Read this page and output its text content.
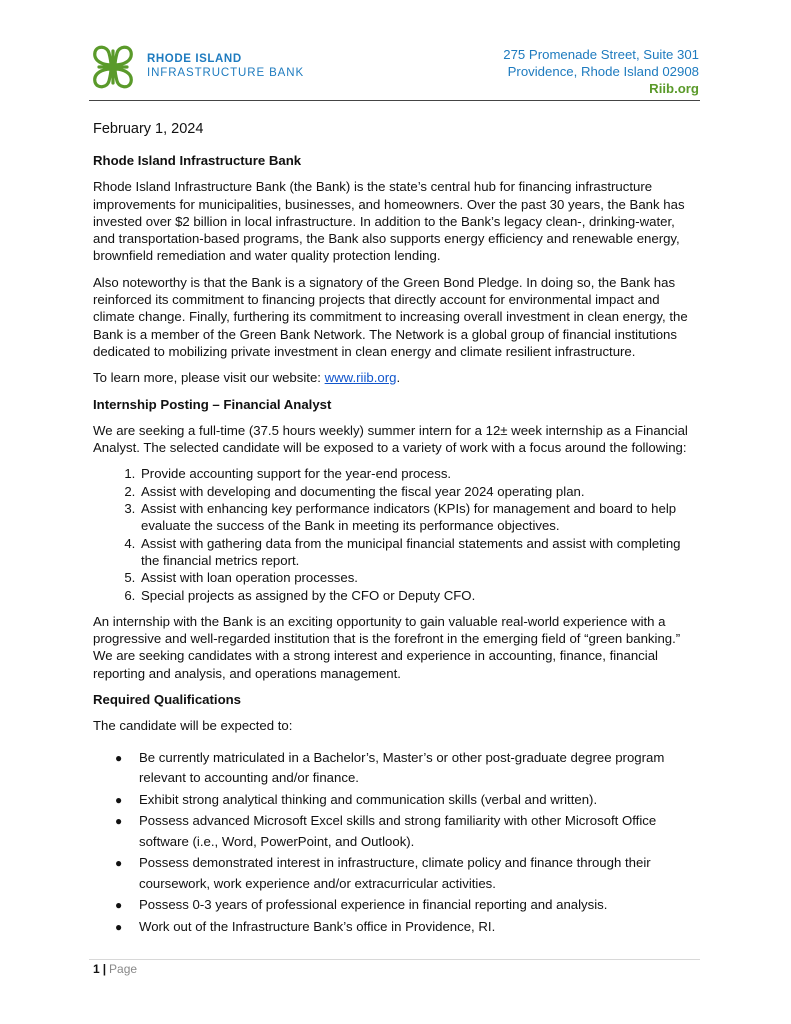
RHODE ISLAND
INFRASTRUCTURE BANK
275 Promenade Street, Suite 301
Providence, Rhode Island 02908
Riib.org
February 1, 2024
Rhode Island Infrastructure Bank

Rhode Island Infrastructure Bank (the Bank) is the state’s central hub for financing infrastructure improvements for municipalities, businesses, and homeowners. Over the past 30 years, the Bank has invested over $2 billion in local infrastructure. In addition to the Bank’s legacy clean-, drinking-water, and transportation-based programs, the Bank also supports energy efficiency and renewable energy, brownfield remediation and water quality protection lending.

Also noteworthy is that the Bank is a signatory of the Green Bond Pledge. In doing so, the Bank has reinforced its commitment to financing projects that directly account for environmental impact and climate change. Finally, furthering its commitment to increasing overall investment in clean energy, the Bank is a member of the Green Bank Network. The Network is a global group of financial institutions dedicated to mobilizing private investment in clean energy and climate resilient infrastructure.

To learn more, please visit our website: www.riib.org.

Internship Posting – Financial Analyst

We are seeking a full-time (37.5 hours weekly) summer intern for a 12± week internship as a Financial Analyst. The selected candidate will be exposed to a variety of work with a focus around the following:

1. Provide accounting support for the year-end process.
2. Assist with developing and documenting the fiscal year 2024 operating plan.
3. Assist with enhancing key performance indicators (KPIs) for management and board to help evaluate the success of the Bank in meeting its performance objectives.
4. Assist with gathering data from the municipal financial statements and assist with completing the financial metrics report.
5. Assist with loan operation processes.
6. Special projects as assigned by the CFO or Deputy CFO.

An internship with the Bank is an exciting opportunity to gain valuable real-world experience with a progressive and well-regarded institution that is the forefront in the emerging field of “green banking.” We are seeking candidates with a strong interest and experience in accounting, finance, financial reporting and analysis, and operations management.

Required Qualifications

The candidate will be expected to:

● Be currently matriculated in a Bachelor’s, Master’s or other post-graduate degree program relevant to accounting and/or finance.
● Exhibit strong analytical thinking and communication skills (verbal and written).
● Possess advanced Microsoft Excel skills and strong familiarity with other Microsoft Office software (i.e., Word, PowerPoint, and Outlook).
● Possess demonstrated interest in infrastructure, climate policy and finance through their coursework, work experience and/or extracurricular activities.
● Possess 0-3 years of professional experience in financial reporting and analysis.
● Work out of the Infrastructure Bank’s office in Providence, RI.
1 | Page
